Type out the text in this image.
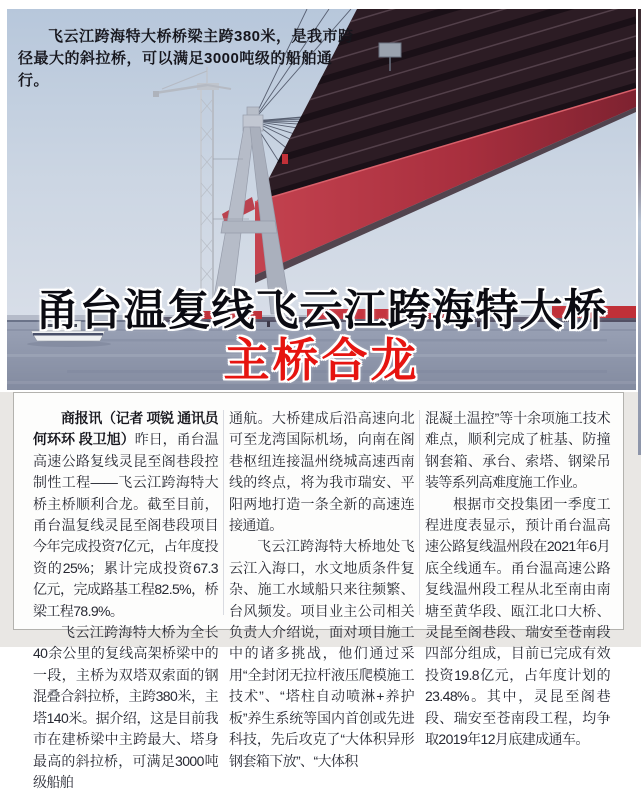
飞云江跨海特大桥桥梁主跨380米，是我市跨径最大的斜拉桥，可以满足3000吨级的船舶通行。
甬台温复线飞云江跨海特大桥
主桥合龙

商报讯（记者 项锐 通讯员 何环环 段卫旭）昨日，甬台温高速公路复线灵昆至阁巷段控制性工程——飞云江跨海特大桥主桥顺利合龙。截至目前，甬台温复线灵昆至阁巷段项目今年完成投资7亿元，占年度投资的25%；累计完成投资67.3亿元，完成路基工程82.5%，桥梁工程78.9%。

飞云江跨海特大桥为全长40余公里的复线高架桥梁中的一段，主桥为双塔双索面的钢混叠合斜拉桥，主跨380米，主塔140米。据介绍，这是目前我市在建桥梁中主跨最大、塔身最高的斜拉桥，可满足3000吨级船舶

通航。大桥建成后沿高速向北可至龙湾国际机场，向南在阁巷枢纽连接温州绕城高速西南线的终点，将为我市瑞安、平阳两地打造一条全新的高速连接通道。

飞云江跨海特大桥地处飞云江入海口，水文地质条件复杂、施工水域船只来往频繁、台风频发。项目业主公司相关负责人介绍说，面对项目施工中的诸多挑战，他们通过采用“全封闭无拉杆液压爬模施工技术”、“塔柱自动喷淋+养护板”养生系统等国内首创或先进科技，先后攻克了“大体积异形钢套箱下放”、“大体积

混凝土温控”等十余项施工技术难点，顺利完成了桩基、防撞钢套箱、承台、索塔、钢梁吊装等系列高难度施工作业。

根据市交投集团一季度工程进度表显示，预计甬台温高速公路复线温州段在2021年6月底全线通车。甬台温高速公路复线温州段工程从北至南由南塘至黄华段、瓯江北口大桥、灵昆至阁巷段、瑞安至苍南段四部分组成，目前已完成有效投资19.8亿元，占年度计划的23.48%。其中，灵昆至阁巷段、瑞安至苍南段工程，均争取2019年12月底建成通车。
